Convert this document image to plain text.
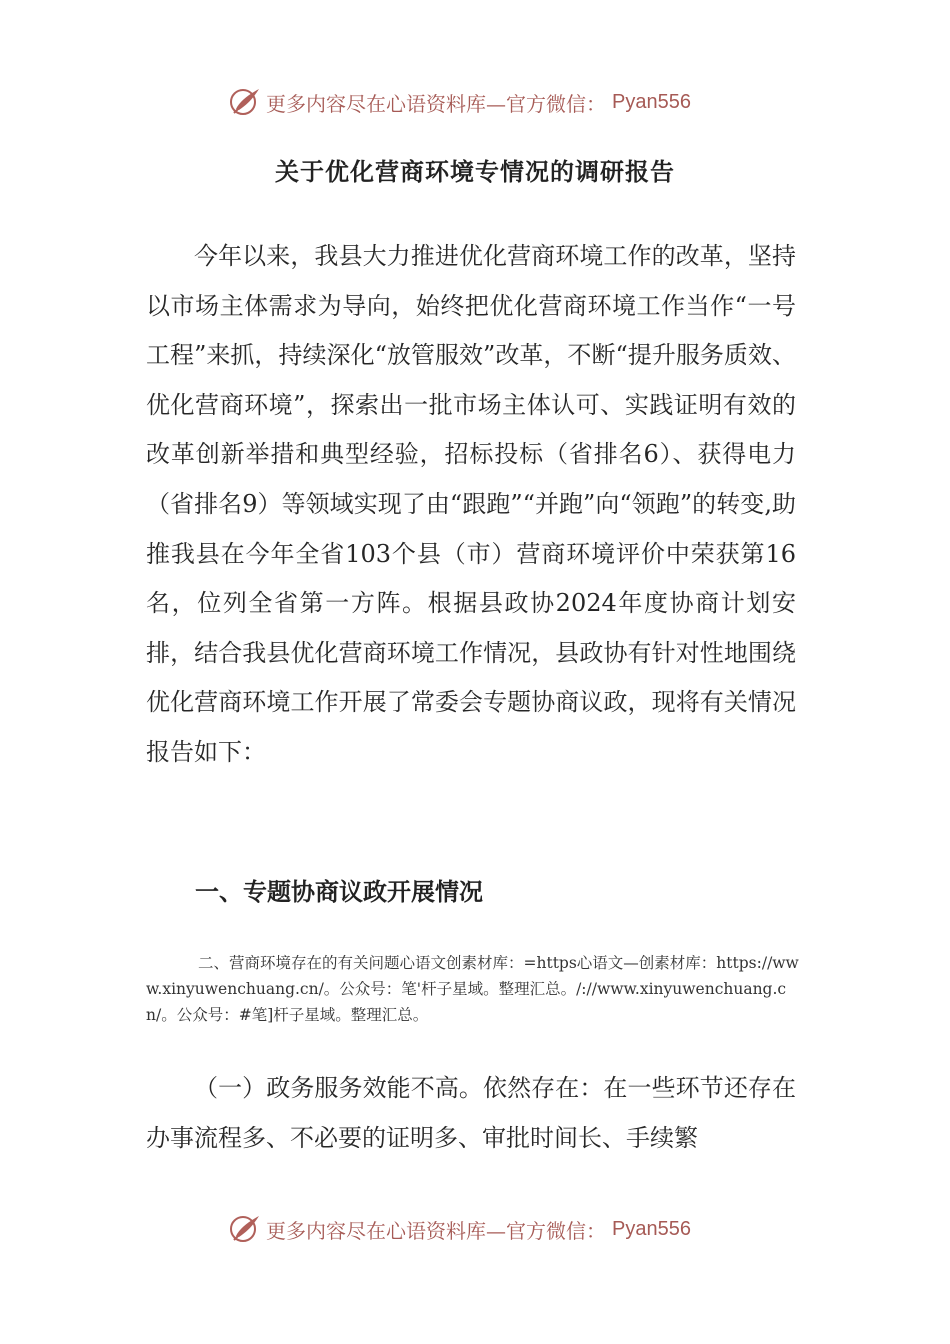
更多内容尽在心语资料库—官方微信： Pyan556
关于优化营商环境专情况的调研报告

今年以来，我县大力推进优化营商环境工作的改革，坚持以市场主体需求为导向，始终把优化营商环境工作当作“一号工程”来抓，持续深化“放管服效”改革，不断“提升服务质效、优化营商环境”，探索出一批市场主体认可、实践证明有效的改革创新举措和典型经验，招标投标（省排名6）、获得电力（省排名9）等领域实现了由“跟跑”“并跑”向“领跑”的转变,助推我县在今年全省103个县（市）营商环境评价中荣获第16名，位列全省第一方阵。根据县政协2024年度协商计划安排，结合我县优化营商环境工作情况，县政协有针对性地围绕优化营商环境工作开展了常委会专题协商议政，现将有关情况报告如下：

一、专题协商议政开展情况

二、营商环境存在的有关问题心语文创素材库：=https心语文—创素材库：https://www.xinyuwenchuang.cn/。公众号：笔'杆子星域。整理汇总。/://www.xinyuwenchuang.cn/。公众号：#笔]杆子星域。整理汇总。

（一）政务服务效能不高。依然存在：在一些环节还存在办事流程多、不必要的证明多、审批时间长、手续繁

更多内容尽在心语资料库—官方微信： Pyan556
